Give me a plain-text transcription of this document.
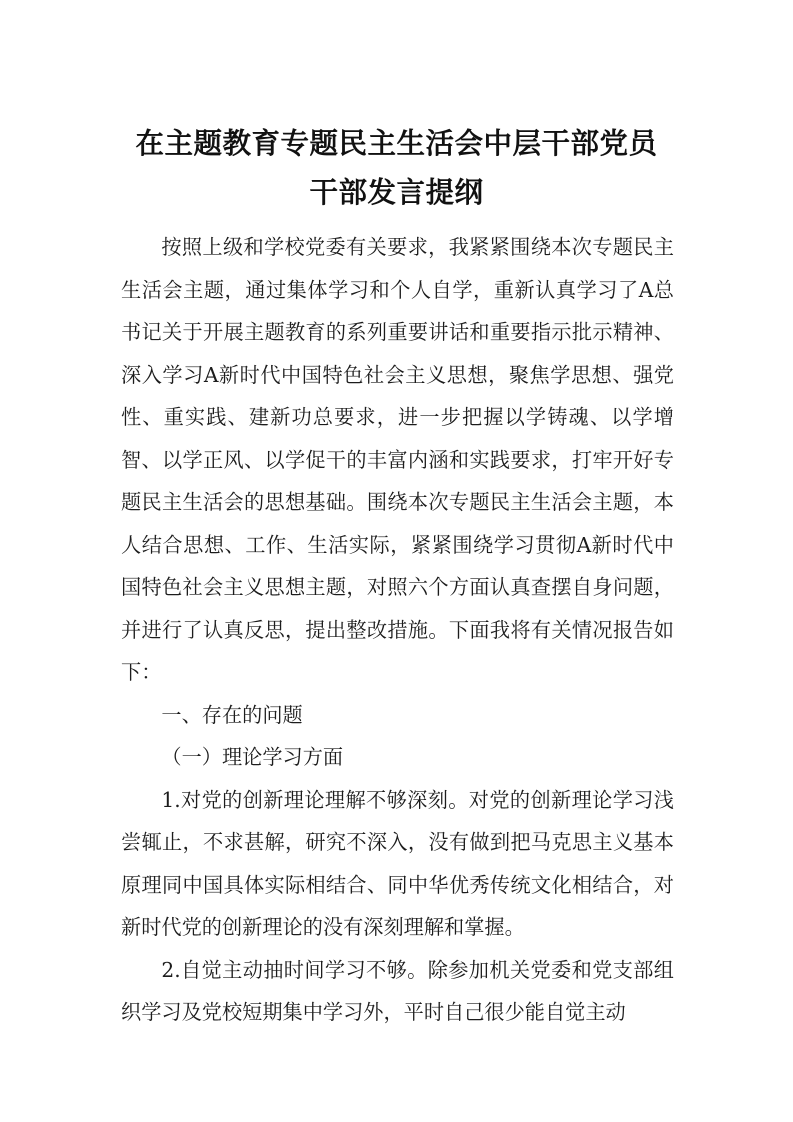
在主题教育专题民主生活会中层干部党员
干部发言提纲

按照上级和学校党委有关要求，我紧紧围绕本次专题民主生活会主题，通过集体学习和个人自学，重新认真学习了A总书记关于开展主题教育的系列重要讲话和重要指示批示精神、深入学习A新时代中国特色社会主义思想，聚焦学思想、强党性、重实践、建新功总要求，进一步把握以学铸魂、以学增智、以学正风、以学促干的丰富内涵和实践要求，打牢开好专题民主生活会的思想基础。围绕本次专题民主生活会主题，本人结合思想、工作、生活实际，紧紧围绕学习贯彻A新时代中国特色社会主义思想主题，对照六个方面认真查摆自身问题，并进行了认真反思，提出整改措施。下面我将有关情况报告如下：

一、存在的问题

（一）理论学习方面

1.对党的创新理论理解不够深刻。对党的创新理论学习浅尝辄止，不求甚解，研究不深入，没有做到把马克思主义基本原理同中国具体实际相结合、同中华优秀传统文化相结合，对新时代党的创新理论的没有深刻理解和掌握。

2.自觉主动抽时间学习不够。除参加机关党委和党支部组织学习及党校短期集中学习外，平时自己很少能自觉主动
